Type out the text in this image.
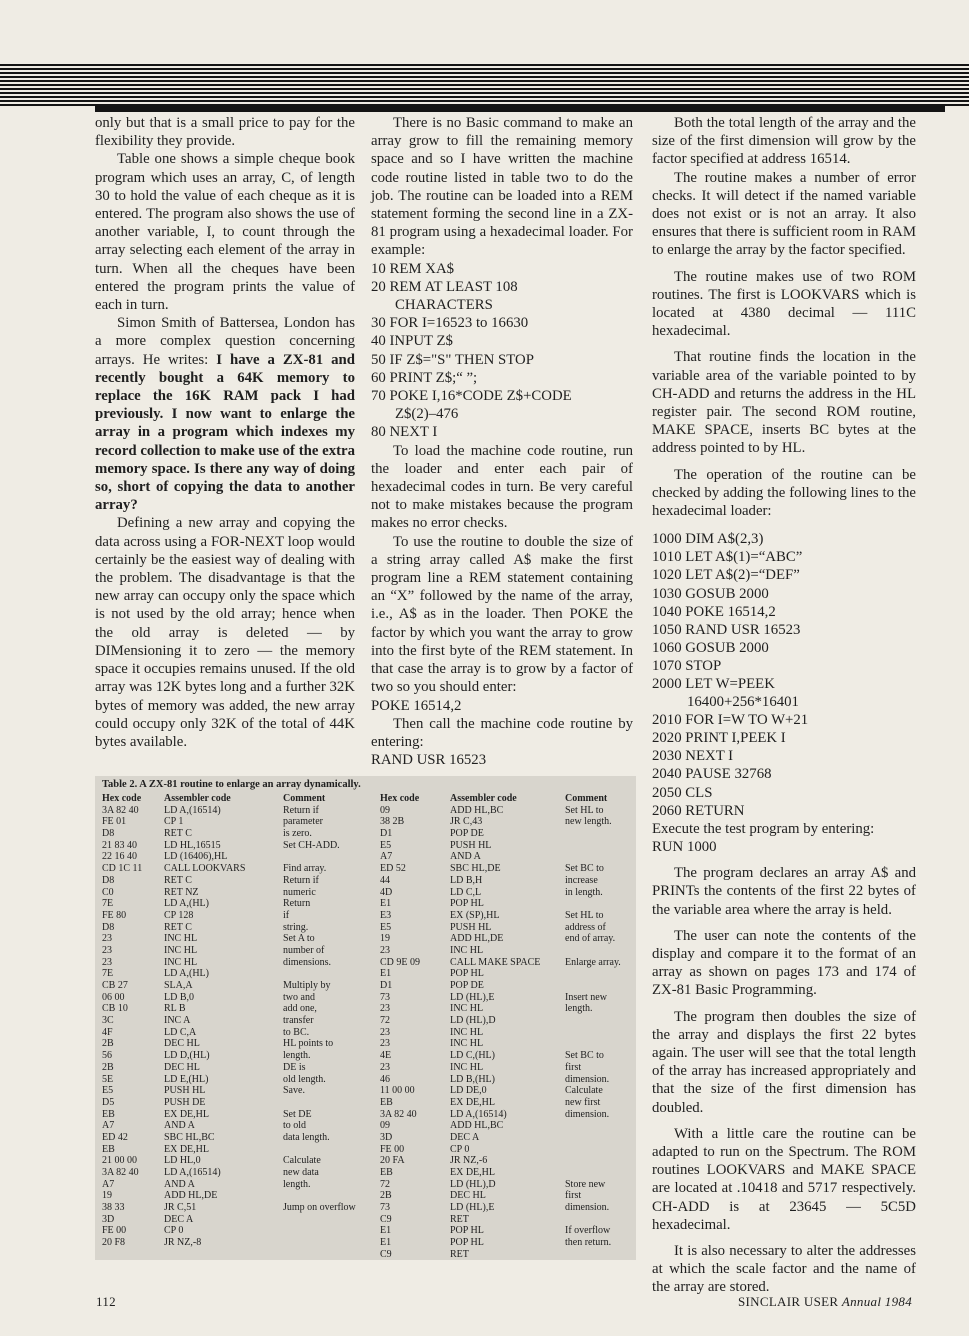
only but that is a small price to pay for the flexibility they provide.

Table one shows a simple cheque book program which uses an array, C, of length 30 to hold the value of each cheque as it is entered. The program also shows the use of another variable, I, to count through the array selecting each element of the array in turn. When all the cheques have been entered the program prints the value of each in turn.

Simon Smith of Battersea, London has a more complex question concerning arrays. He writes: I have a ZX-81 and recently bought a 64K memory to replace the 16K RAM pack I had previously. I now want to enlarge the array in a program which indexes my record collection to make use of the extra memory space. Is there any way of doing so, short of copying the data to another array?

Defining a new array and copying the data across using a FOR-NEXT loop would certainly be the easiest way of dealing with the problem. The disadvantage is that the new array can occupy only the space which is not used by the old array; hence when the old array is deleted — by DIMensioning it to zero — the memory space it occupies remains unused. If the old array was 12K bytes long and a further 32K bytes of memory was added, the new array could occupy only 32K of the total of 44K bytes available.

There is no Basic command to make an array grow to fill the remaining memory space and so I have written the machine code routine listed in table two to do the job. The routine can be loaded into a REM statement forming the second line in a ZX-81 program using a hexadecimal loader. For example:

10 REM XA$
20 REM AT LEAST 108
CHARACTERS
30 FOR I=16523 to 16630
40 INPUT Z$
50 IF Z$="S" THEN STOP
60 PRINT Z$;“ ”;
70 POKE I,16*CODE Z$+CODE
Z$(2)–476
80 NEXT I

To load the machine code routine, run the loader and enter each pair of hexadecimal codes in turn. Be very careful not to make mistakes because the program makes no error checks.

To use the routine to double the size of a string array called A$ make the first program line a REM statement containing an “X” followed by the name of the array, i.e., A$ as in the loader. Then POKE the factor by which you want the array to grow into the first byte of the REM statement. In that case the array is to grow by a factor of two so you should enter:

POKE 16514,2

Then call the machine code routine by entering:

RAND USR 16523

Both the total length of the array and the size of the first dimension will grow by the factor specified at address 16514.

The routine makes a number of error checks. It will detect if the named variable does not exist or is not an array. It also ensures that there is sufficient room in RAM to enlarge the array by the factor specified.

The routine makes use of two ROM routines. The first is LOOKVARS which is located at 4380 decimal — 111C hexadecimal.

That routine finds the location in the variable area of the variable pointed to by CH-ADD and returns the address in the HL register pair. The second ROM routine, MAKE SPACE, inserts BC bytes at the address pointed to by HL.

The operation of the routine can be checked by adding the following lines to the hexadecimal loader:

1000 DIM A$(2,3)
1010 LET A$(1)=“ABC”
1020 LET A$(2)=“DEF”
1030 GOSUB 2000
1040 POKE 16514,2
1050 RAND USR 16523
1060 GOSUB 2000
1070 STOP
2000 LET W=PEEK
16400+256*16401
2010 FOR I=W TO W+21
2020 PRINT I,PEEK I
2030 NEXT I
2040 PAUSE 32768
2050 CLS
2060 RETURN

Execute the test program by entering:

RUN 1000

The program declares an array A$ and PRINTs the contents of the first 22 bytes of the variable area where the array is held.

The user can note the contents of the display and compare it to the format of an array as shown on pages 173 and 174 of ZX-81 Basic Programming.

The program then doubles the size of the array and displays the first 22 bytes again. The user will see that the total length of the array has increased appropriately and that the size of the first dimension has doubled.

With a little care the routine can be adapted to run on the Spectrum. The ROM routines LOOKVARS and MAKE SPACE are located at .10418 and 5717 respectively. CH-ADD is at 23645 — 5C5D hexadecimal.

It is also necessary to alter the addresses at which the scale factor and the name of the array are stored.

Table 2. A ZX-81 routine to enlarge an array dynamically.
Hex code
3A 82 40
FE 01
D8
21 83 40
22 16 40
CD 1C 11
D8
C0
7E
FE 80
D8
23
23
23
7E
CB 27
06 00
CB 10
3C
4F
2B
56
2B
5E
E5
D5
EB
A7
ED 42
EB
21 00 00
3A 82 40
A7
19
38 33
3D
FE 00
20 F8
Assembler code
LD A,(16514)
CP 1
RET C
LD HL,16515
LD (16406),HL
CALL LOOKVARS
RET C
RET NZ
LD A,(HL)
CP 128
RET C
INC HL
INC HL
INC HL
LD A,(HL)
SLA,A
LD B,0
RL B
INC A
LD C,A
DEC HL
LD D,(HL)
DEC HL
LD E,(HL)
PUSH HL
PUSH DE
EX DE,HL
AND A
SBC HL,BC
EX DE,HL
LD HL,0
LD A,(16514)
AND A
ADD HL,DE
JR C,51
DEC A
CP 0
JR NZ,-8
Comment
Return if
parameter
is zero.
Set CH-ADD.
Find array.
Return if
numeric
Return
if
string.
Set A to
number of
dimensions.
Multiply by
two and
add one,
transfer
to BC.
HL points to
length.
DE is
old length.
Save.
Set DE
to old
data length.
Calculate
new data
length.
Jump on overflow
Hex code
09
38 2B
D1
E5
A7
ED 52
44
4D
E1
E3
E5
19
23
CD 9E 09
E1
D1
73
23
72
23
23
4E
23
46
11 00 00
EB
3A 82 40
09
3D
FE 00
20 FA
EB
72
2B
73
C9
E1
E1
C9
Assembler code
ADD HL,BC
JR C,43
POP DE
PUSH HL
AND A
SBC HL,DE
LD B,H
LD C,L
POP HL
EX (SP),HL
PUSH HL
ADD HL,DE
INC HL
CALL MAKE SPACE
POP HL
POP DE
LD (HL),E
INC HL
LD (HL),D
INC HL
INC HL
LD C,(HL)
INC HL
LD B,(HL)
LD DE,0
EX DE,HL
LD A,(16514)
ADD HL,BC
DEC A
CP 0
JR NZ,-6
EX DE,HL
LD (HL),D
DEC HL
LD (HL),E
RET
POP HL
POP HL
RET
Comment
Set HL to
new length.
Set BC to
increase
in length.
Set HL to
address of
end of array.
Enlarge array.
Insert new
length.
Set BC to
first
dimension.
Calculate
new first
dimension.
Store new
first
dimension.
If overflow
then return.
112	SINCLAIR USER Annual 1984
